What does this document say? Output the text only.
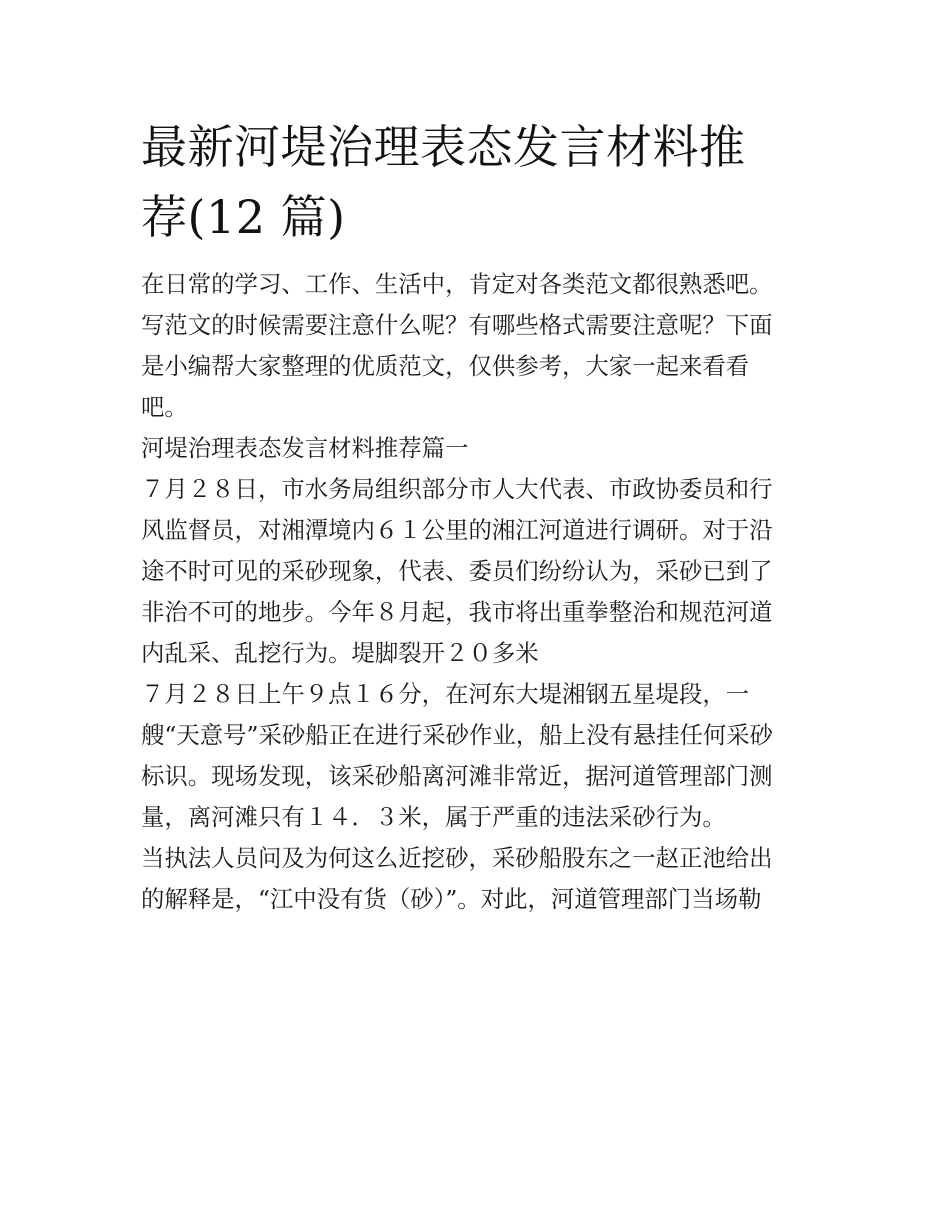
最新河堤治理表态发言材料推
荐(12 篇)

在日常的学习、工作、生活中，肯定对各类范文都很熟悉吧。
写范文的时候需要注意什么呢？有哪些格式需要注意呢？下面
是小编帮大家整理的优质范文，仅供参考，大家一起来看看
吧。

河堤治理表态发言材料推荐篇一

７月２８日，市水务局组织部分市人大代表、市政协委员和行
风监督员，对湘潭境内６１公里的湘江河道进行调研。对于沿
途不时可见的采砂现象，代表、委员们纷纷认为，采砂已到了
非治不可的地步。今年８月起，我市将出重拳整治和规范河道
内乱采、乱挖行为。堤脚裂开２０多米

７月２８日上午９点１６分，在河东大堤湘钢五星堤段，一
艘“天意号”采砂船正在进行采砂作业，船上没有悬挂任何采砂
标识。现场发现，该采砂船离河滩非常近，据河道管理部门测
量，离河滩只有１４．３米，属于严重的违法采砂行为。

当执法人员问及为何这么近挖砂，采砂船股东之一赵正池给出
的解释是，“江中没有货（砂）”。对此，河道管理部门当场勒
